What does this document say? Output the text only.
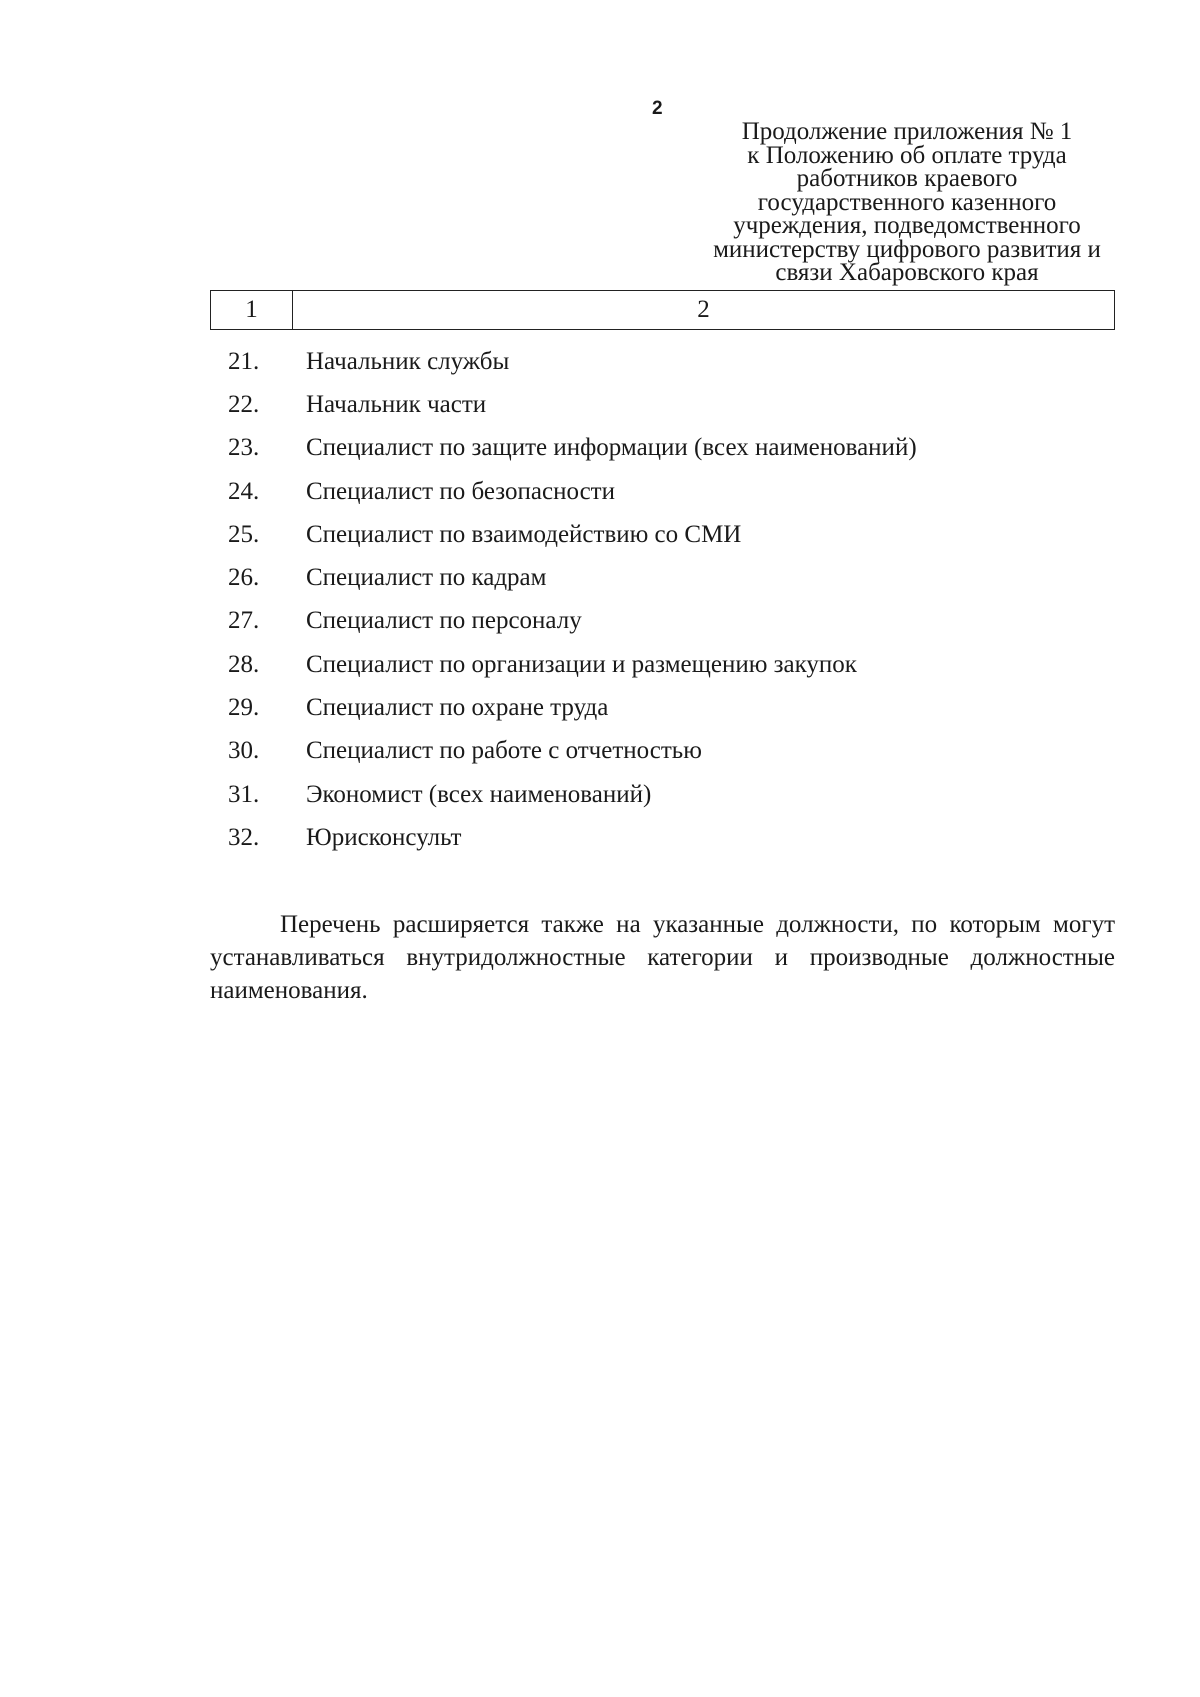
2
Продолжение приложения № 1
к Положению об оплате труда
работников краевого
государственного казенного
учреждения, подведомственного
министерству цифрового развития и
связи Хабаровского края
1	2
21.	Начальник службы
22.	Начальник части
23.	Специалист по защите информации (всех наименований)
24.	Специалист по безопасности
25.	Специалист по взаимодействию со СМИ
26.	Специалист по кадрам
27.	Специалист по персоналу
28.	Специалист по организации и размещению закупок
29.	Специалист по охране труда
30.	Специалист по работе с отчетностью
31.	Экономист (всех наименований)
32.	Юрисконсульт

Перечень расширяется также на указанные должности, по которым могут устанавливаться внутридолжностные категории и производные должностные наименования.
